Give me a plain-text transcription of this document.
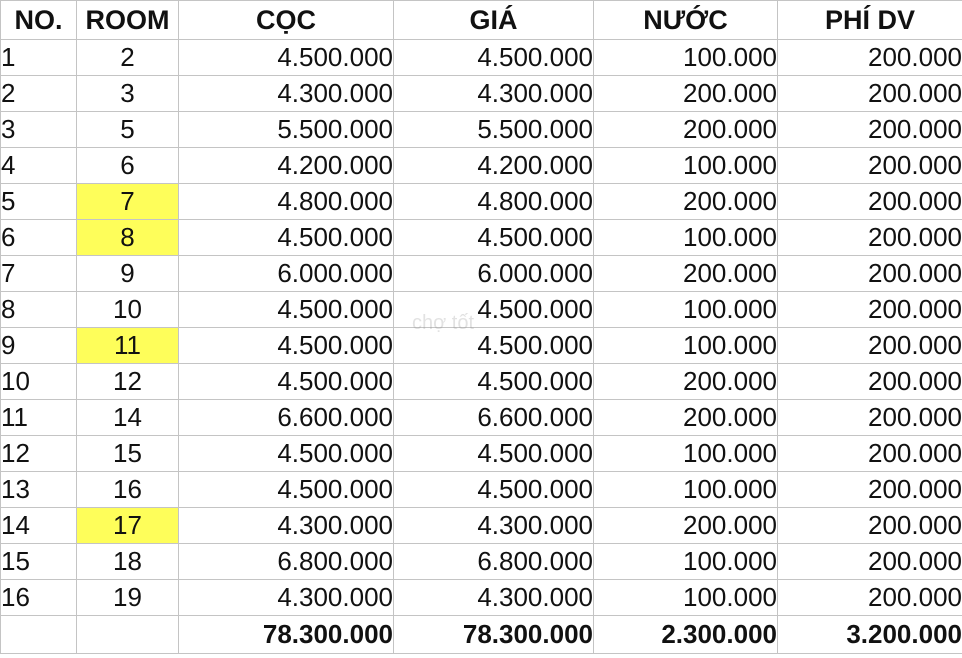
NO.	ROOM	CỌC	GIÁ	NƯỚC	PHÍ DV
1	2	4.500.000	4.500.000	100.000	200.000
2	3	4.300.000	4.300.000	200.000	200.000
3	5	5.500.000	5.500.000	200.000	200.000
4	6	4.200.000	4.200.000	100.000	200.000
5	7	4.800.000	4.800.000	200.000	200.000
6	8	4.500.000	4.500.000	100.000	200.000
7	9	6.000.000	6.000.000	200.000	200.000
8	10	4.500.000	4.500.000	100.000	200.000
9	11	4.500.000	4.500.000	100.000	200.000
10	12	4.500.000	4.500.000	200.000	200.000
11	14	6.600.000	6.600.000	200.000	200.000
12	15	4.500.000	4.500.000	100.000	200.000
13	16	4.500.000	4.500.000	100.000	200.000
14	17	4.300.000	4.300.000	200.000	200.000
15	18	6.800.000	6.800.000	100.000	200.000
16	19	4.300.000	4.300.000	100.000	200.000
		78.300.000	78.300.000	2.300.000	3.200.000
chợ tốt
